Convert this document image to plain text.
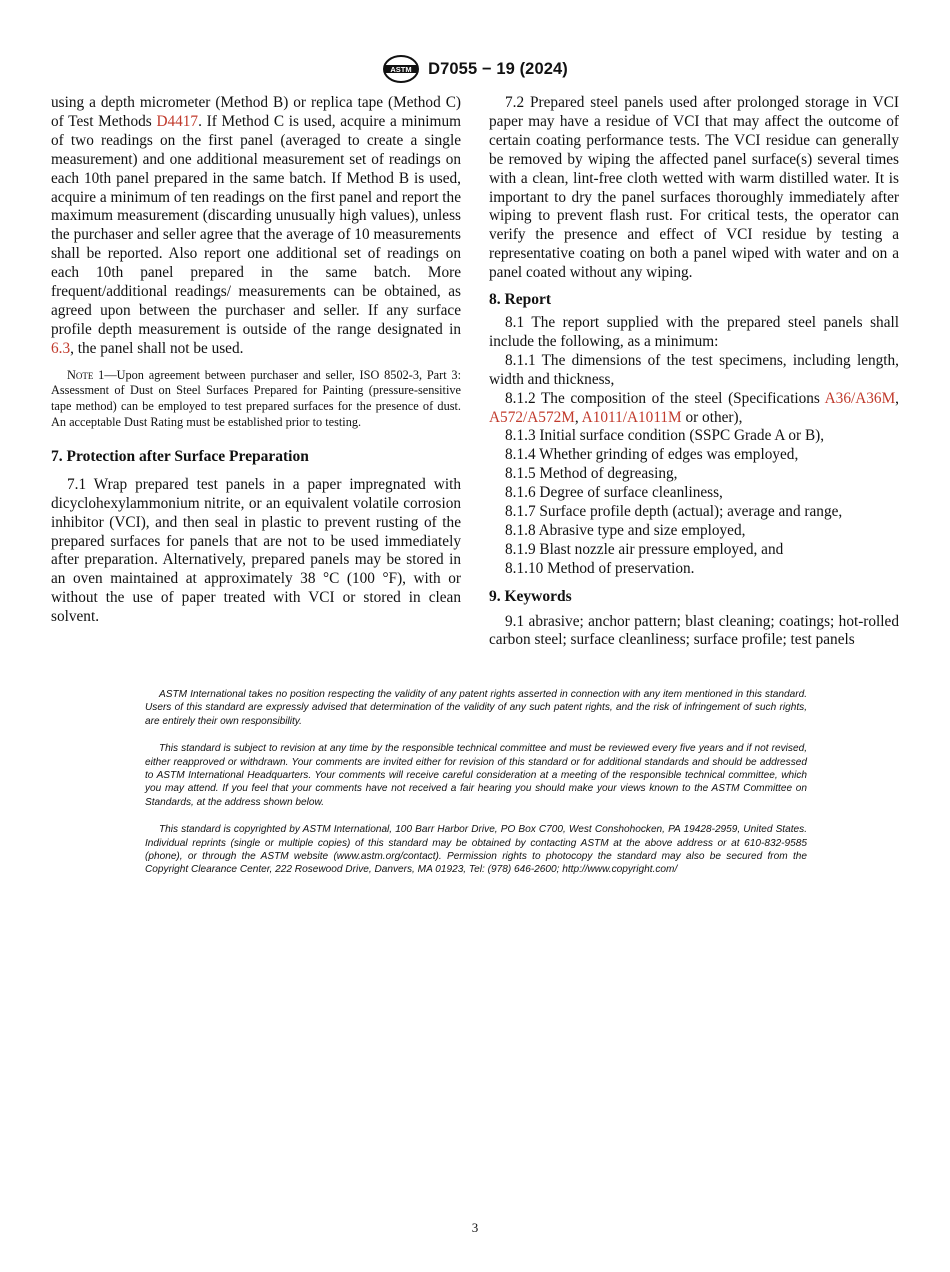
ASTM D7055 − 19 (2024)

using a depth micrometer (Method B) or replica tape (Method C) of Test Methods D4417. If Method C is used, acquire a minimum of two readings on the first panel (averaged to create a single measurement) and one additional measurement set of readings on each 10th panel prepared in the same batch. If Method B is used, acquire a minimum of ten readings on the first panel and report the maximum measurement (discarding unusually high values), unless the purchaser and seller agree that the average of 10 measurements shall be reported. Also report one additional set of readings on each 10th panel prepared in the same batch. More frequent/additional readings/ measurements can be obtained, as agreed upon between the purchaser and seller. If any surface profile depth measurement is outside of the range designated in 6.3, the panel shall not be used.

Note 1—Upon agreement between purchaser and seller, ISO 8502-3, Part 3: Assessment of Dust on Steel Surfaces Prepared for Painting (pressure-sensitive tape method) can be employed to test prepared surfaces for the presence of dust. An acceptable Dust Rating must be established prior to testing.

7. Protection after Surface Preparation

7.1 Wrap prepared test panels in a paper impregnated with dicyclohexylammonium nitrite, or an equivalent volatile corrosion inhibitor (VCI), and then seal in plastic to prevent rusting of the prepared surfaces for panels that are not to be used immediately after preparation. Alternatively, prepared panels may be stored in an oven maintained at approximately 38 °C (100 °F), with or without the use of paper treated with VCI or stored in clean solvent.

7.2 Prepared steel panels used after prolonged storage in VCI paper may have a residue of VCI that may affect the outcome of certain coating performance tests. The VCI residue can generally be removed by wiping the affected panel surface(s) several times with a clean, lint-free cloth wetted with warm distilled water. It is important to dry the panel surfaces thoroughly immediately after wiping to prevent flash rust. For critical tests, the operator can verify the presence and effect of VCI residue by testing a representative coating on both a panel wiped with water and on a panel coated without any wiping.

8. Report

8.1 The report supplied with the prepared steel panels shall include the following, as a minimum:

8.1.1 The dimensions of the test specimens, including length, width and thickness,

8.1.2 The composition of the steel (Specifications A36/A36M, A572/A572M, A1011/A1011M or other),

8.1.3 Initial surface condition (SSPC Grade A or B),

8.1.4 Whether grinding of edges was employed,

8.1.5 Method of degreasing,

8.1.6 Degree of surface cleanliness,

8.1.7 Surface profile depth (actual); average and range,

8.1.8 Abrasive type and size employed,

8.1.9 Blast nozzle air pressure employed, and

8.1.10 Method of preservation.

9. Keywords

9.1 abrasive; anchor pattern; blast cleaning; coatings; hot-rolled carbon steel; surface cleanliness; surface profile; test panels

ASTM International takes no position respecting the validity of any patent rights asserted in connection with any item mentioned in this standard. Users of this standard are expressly advised that determination of the validity of any such patent rights, and the risk of infringement of such rights, are entirely their own responsibility.

This standard is subject to revision at any time by the responsible technical committee and must be reviewed every five years and if not revised, either reapproved or withdrawn. Your comments are invited either for revision of this standard or for additional standards and should be addressed to ASTM International Headquarters. Your comments will receive careful consideration at a meeting of the responsible technical committee, which you may attend. If you feel that your comments have not received a fair hearing you should make your views known to the ASTM Committee on Standards, at the address shown below.

This standard is copyrighted by ASTM International, 100 Barr Harbor Drive, PO Box C700, West Conshohocken, PA 19428-2959, United States. Individual reprints (single or multiple copies) of this standard may be obtained by contacting ASTM at the above address or at 610-832-9585 (phone), or through the ASTM website (www.astm.org/contact). Permission rights to photocopy the standard may also be secured from the Copyright Clearance Center, 222 Rosewood Drive, Danvers, MA 01923, Tel: (978) 646-2600; http://www.copyright.com/

3
